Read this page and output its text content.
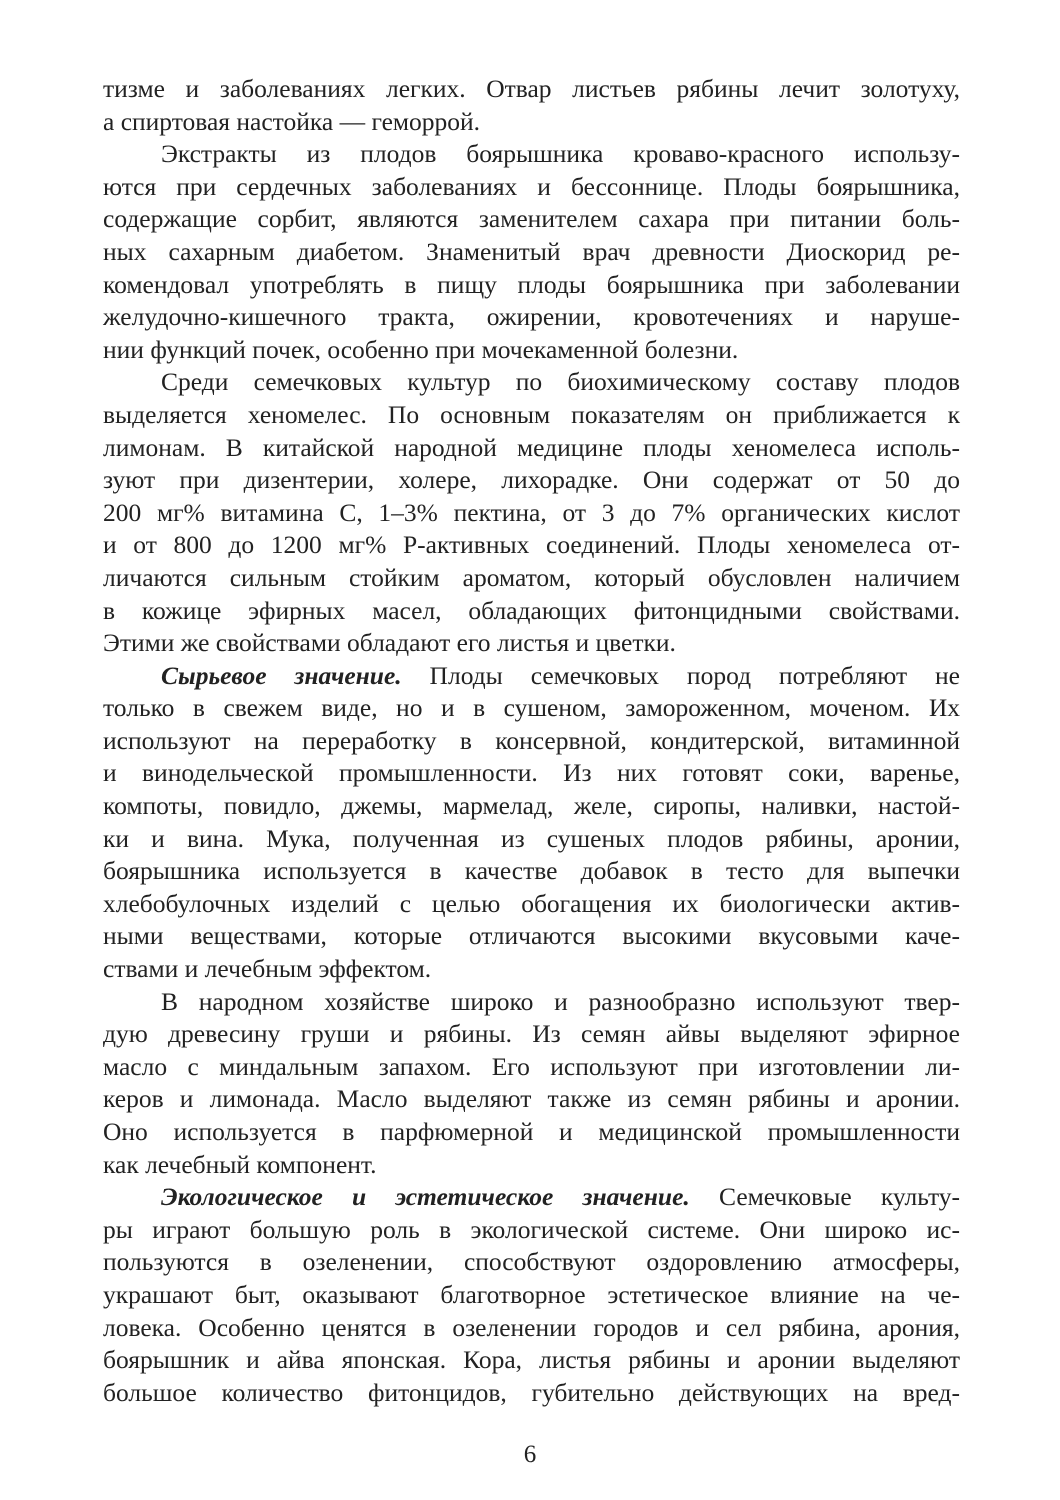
тизме и заболеваниях легких. Отвар листьев рябины лечит золотуху,
а спиртовая настойка — геморрой.
Экстракты из плодов боярышника кроваво-красного использу-
ются при сердечных заболеваниях и бессоннице. Плоды боярышника,
содержащие сорбит, являются заменителем сахара при питании боль-
ных сахарным диабетом. Знаменитый врач древности Диоскорид ре-
комендовал употреблять в пищу плоды боярышника при заболевании
желудочно-кишечного тракта, ожирении, кровотечениях и наруше-
нии функций почек, особенно при мочекаменной болезни.
Среди семечковых культур по биохимическому составу плодов
выделяется хеномелес. По основным показателям он приближается к
лимонам. В китайской народной медицине плоды хеномелеса исполь-
зуют при дизентерии, холере, лихорадке. Они содержат от 50 до
200 мг% витамина С, 1–3% пектина, от 3 до 7% органических кислот
и от 800 до 1200 мг% Р-активных соединений. Плоды хеномелеса от-
личаются сильным стойким ароматом, который обусловлен наличием
в кожице эфирных масел, обладающих фитонцидными свойствами.
Этими же свойствами обладают его листья и цветки.
Сырьевое значение. Плоды семечковых пород потребляют не
только в свежем виде, но и в сушеном, замороженном, моченом. Их
используют на переработку в консервной, кондитерской, витаминной
и винодельческой промышленности. Из них готовят соки, варенье,
компоты, повидло, джемы, мармелад, желе, сиропы, наливки, настой-
ки и вина. Мука, полученная из сушеных плодов рябины, аронии,
боярышника используется в качестве добавок в тесто для выпечки
хлебобулочных изделий с целью обогащения их биологически актив-
ными веществами, которые отличаются высокими вкусовыми каче-
ствами и лечебным эффектом.
В народном хозяйстве широко и разнообразно используют твер-
дую древесину груши и рябины. Из семян айвы выделяют эфирное
масло с миндальным запахом. Его используют при изготовлении ли-
керов и лимонада. Масло выделяют также из семян рябины и аронии.
Оно используется в парфюмерной и медицинской промышленности
как лечебный компонент.
Экологическое и эстетическое значение. Семечковые культу-
ры играют большую роль в экологической системе. Они широко ис-
пользуются в озеленении, способствуют оздоровлению атмосферы,
украшают быт, оказывают благотворное эстетическое влияние на че-
ловека. Особенно ценятся в озеленении городов и сел рябина, арония,
боярышник и айва японская. Кора, листья рябины и аронии выделяют
большое количество фитонцидов, губительно действующих на вред-
6
